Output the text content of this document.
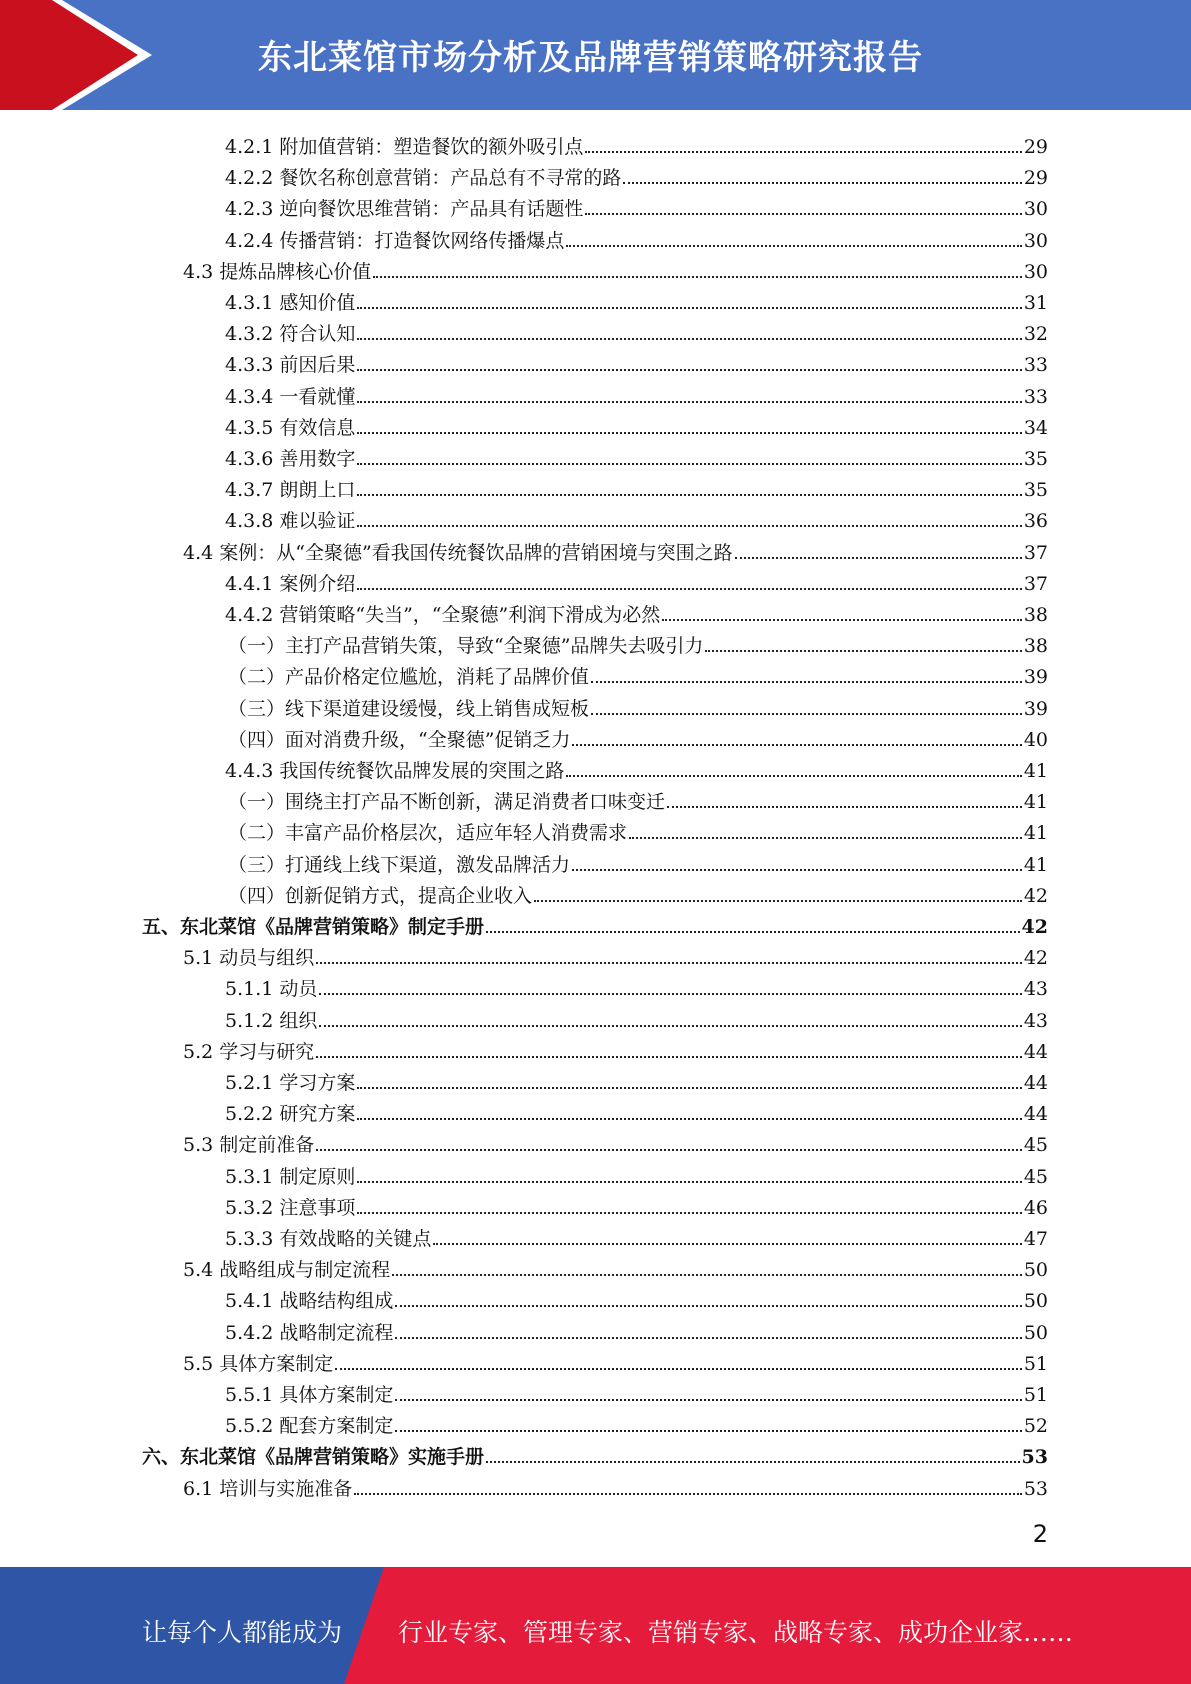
东北菜馆市场分析及品牌营销策略研究报告
4.2.1 附加值营销：塑造餐饮的额外吸引点	29
4.2.2 餐饮名称创意营销：产品总有不寻常的路	29
4.2.3 逆向餐饮思维营销：产品具有话题性	30
4.2.4 传播营销：打造餐饮网络传播爆点	30
4.3 提炼品牌核心价值	30
4.3.1 感知价值	31
4.3.2 符合认知	32
4.3.3 前因后果	33
4.3.4 一看就懂	33
4.3.5 有效信息	34
4.3.6 善用数字	35
4.3.7 朗朗上口	35
4.3.8 难以验证	36
4.4 案例：从“全聚德”看我国传统餐饮品牌的营销困境与突围之路	37
4.4.1 案例介绍	37
4.4.2 营销策略“失当”，“全聚德”利润下滑成为必然	38
（一）主打产品营销失策，导致“全聚德”品牌失去吸引力	38
（二）产品价格定位尴尬，消耗了品牌价值	39
（三）线下渠道建设缓慢，线上销售成短板	39
（四）面对消费升级，“全聚德”促销乏力	40
4.4.3 我国传统餐饮品牌发展的突围之路	41
（一）围绕主打产品不断创新，满足消费者口味变迁	41
（二）丰富产品价格层次，适应年轻人消费需求	41
（三）打通线上线下渠道，激发品牌活力	41
（四）创新促销方式，提高企业收入	42
五、东北菜馆《品牌营销策略》制定手册	42
5.1 动员与组织	42
5.1.1 动员	43
5.1.2 组织	43
5.2 学习与研究	44
5.2.1 学习方案	44
5.2.2 研究方案	44
5.3 制定前准备	45
5.3.1 制定原则	45
5.3.2 注意事项	46
5.3.3 有效战略的关键点	47
5.4 战略组成与制定流程	50
5.4.1 战略结构组成	50
5.4.2 战略制定流程	50
5.5 具体方案制定	51
5.5.1 具体方案制定	51
5.5.2 配套方案制定	52
六、东北菜馆《品牌营销策略》实施手册	53
6.1 培训与实施准备	53
2
让每个人都能成为 行业专家、管理专家、营销专家、战略专家、成功企业家……
